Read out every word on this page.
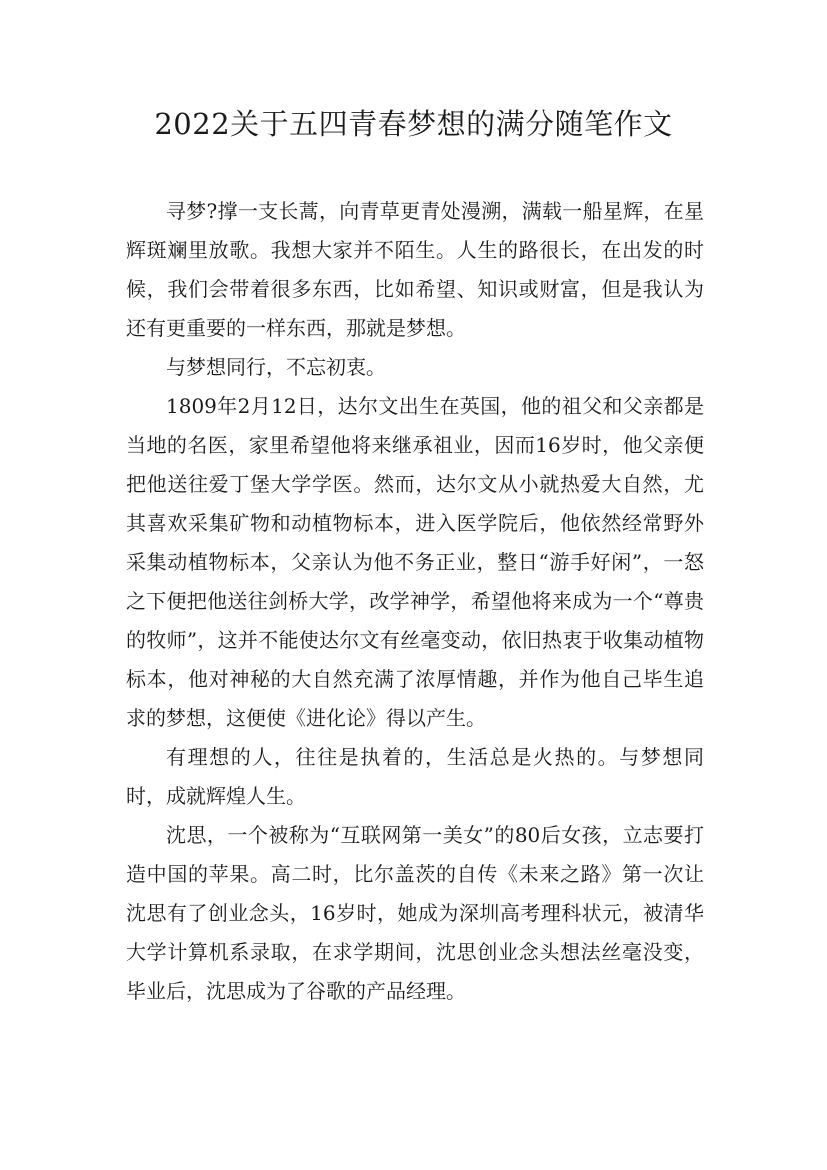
2022关于五四青春梦想的满分随笔作文

寻梦?撑一支长蒿，向青草更青处漫溯，满载一船星辉，在星辉斑斓里放歌。我想大家并不陌生。人生的路很长，在出发的时候，我们会带着很多东西，比如希望、知识或财富，但是我认为还有更重要的一样东西，那就是梦想。

与梦想同行，不忘初衷。

1809年2月12日，达尔文出生在英国，他的祖父和父亲都是当地的名医，家里希望他将来继承祖业，因而16岁时，他父亲便把他送往爱丁堡大学学医。然而，达尔文从小就热爱大自然，尤其喜欢采集矿物和动植物标本，进入医学院后，他依然经常野外采集动植物标本，父亲认为他不务正业，整日“游手好闲”，一怒之下便把他送往剑桥大学，改学神学，希望他将来成为一个“尊贵的牧师”，这并不能使达尔文有丝毫变动，依旧热衷于收集动植物标本，他对神秘的大自然充满了浓厚情趣，并作为他自己毕生追求的梦想，这便使《进化论》得以产生。

有理想的人，往往是执着的，生活总是火热的。与梦想同时，成就辉煌人生。

沈思，一个被称为“互联网第一美女”的80后女孩，立志要打造中国的苹果。高二时，比尔盖茨的自传《未来之路》第一次让沈思有了创业念头，16岁时，她成为深圳高考理科状元，被清华大学计算机系录取，在求学期间，沈思创业念头想法丝毫没变，毕业后，沈思成为了谷歌的产品经理。
